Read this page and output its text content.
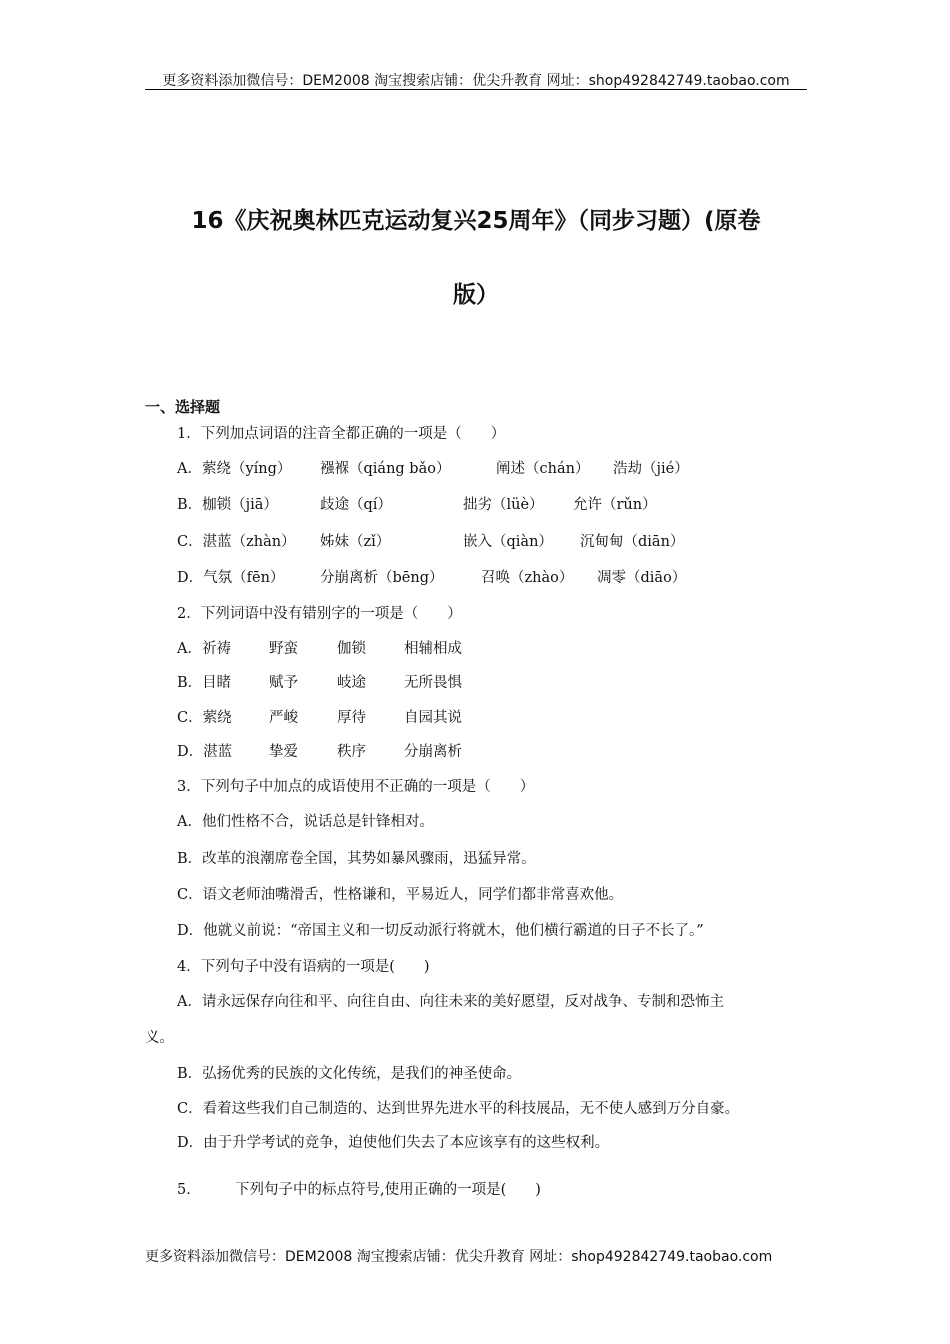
更多资料添加微信号：DEM2008 淘宝搜索店铺：优尖升教育 网址：shop492842749.taobao.com
16《庆祝奥林匹克运动复兴25周年》（同步习题）(原卷
版）
一、选择题
1．下列加点词语的注音全都正确的一项是（　　）
A．萦绕（yíng） 襁褓（qiáng bǎo）	阐述（chán） 浩劫（jié）
B．枷锁（jiā）	歧途（qí）	拙劣（lüè） 允许（rǔn）
C．湛蓝（zhàn） 姊妹（zǐ）	嵌入（qiàn） 沉甸甸（diān）
D．气氛（fēn） 分崩离析（bēng）	召唤（zhào） 凋零（diāo）
2．下列词语中没有错别字的一项是（　　）
A．祈祷	野蛮	伽锁	相辅相成
B．目睹	赋予	岐途	无所畏惧
C．萦绕	严峻	厚待	自园其说
D．湛蓝	挚爱	秩序	分崩离析
3．下列句子中加点的成语使用不正确的一项是（　　）
A．他们性格不合，说话总是针锋相对。
B．改革的浪潮席卷全国，其势如暴风骤雨，迅猛异常。
C．语文老师油嘴滑舌，性格谦和，平易近人，同学们都非常喜欢他。
D．他就义前说：“帝国主义和一切反动派行将就木，他们横行霸道的日子不长了。”
4．下列句子中没有语病的一项是(　　)
A．请永远保存向往和平、向往自由、向往未来的美好愿望，反对战争、专制和恐怖主
义。
B．弘扬优秀的民族的文化传统，是我们的神圣使命。
C．看着这些我们自己制造的、达到世界先进水平的科技展品，无不使人感到万分自豪。
D．由于升学考试的竞争，迫使他们失去了本应该享有的这些权利。
5． 下列句子中的标点符号,使用正确的一项是(　　)
更多资料添加微信号：DEM2008 淘宝搜索店铺：优尖升教育 网址：shop492842749.taobao.com
